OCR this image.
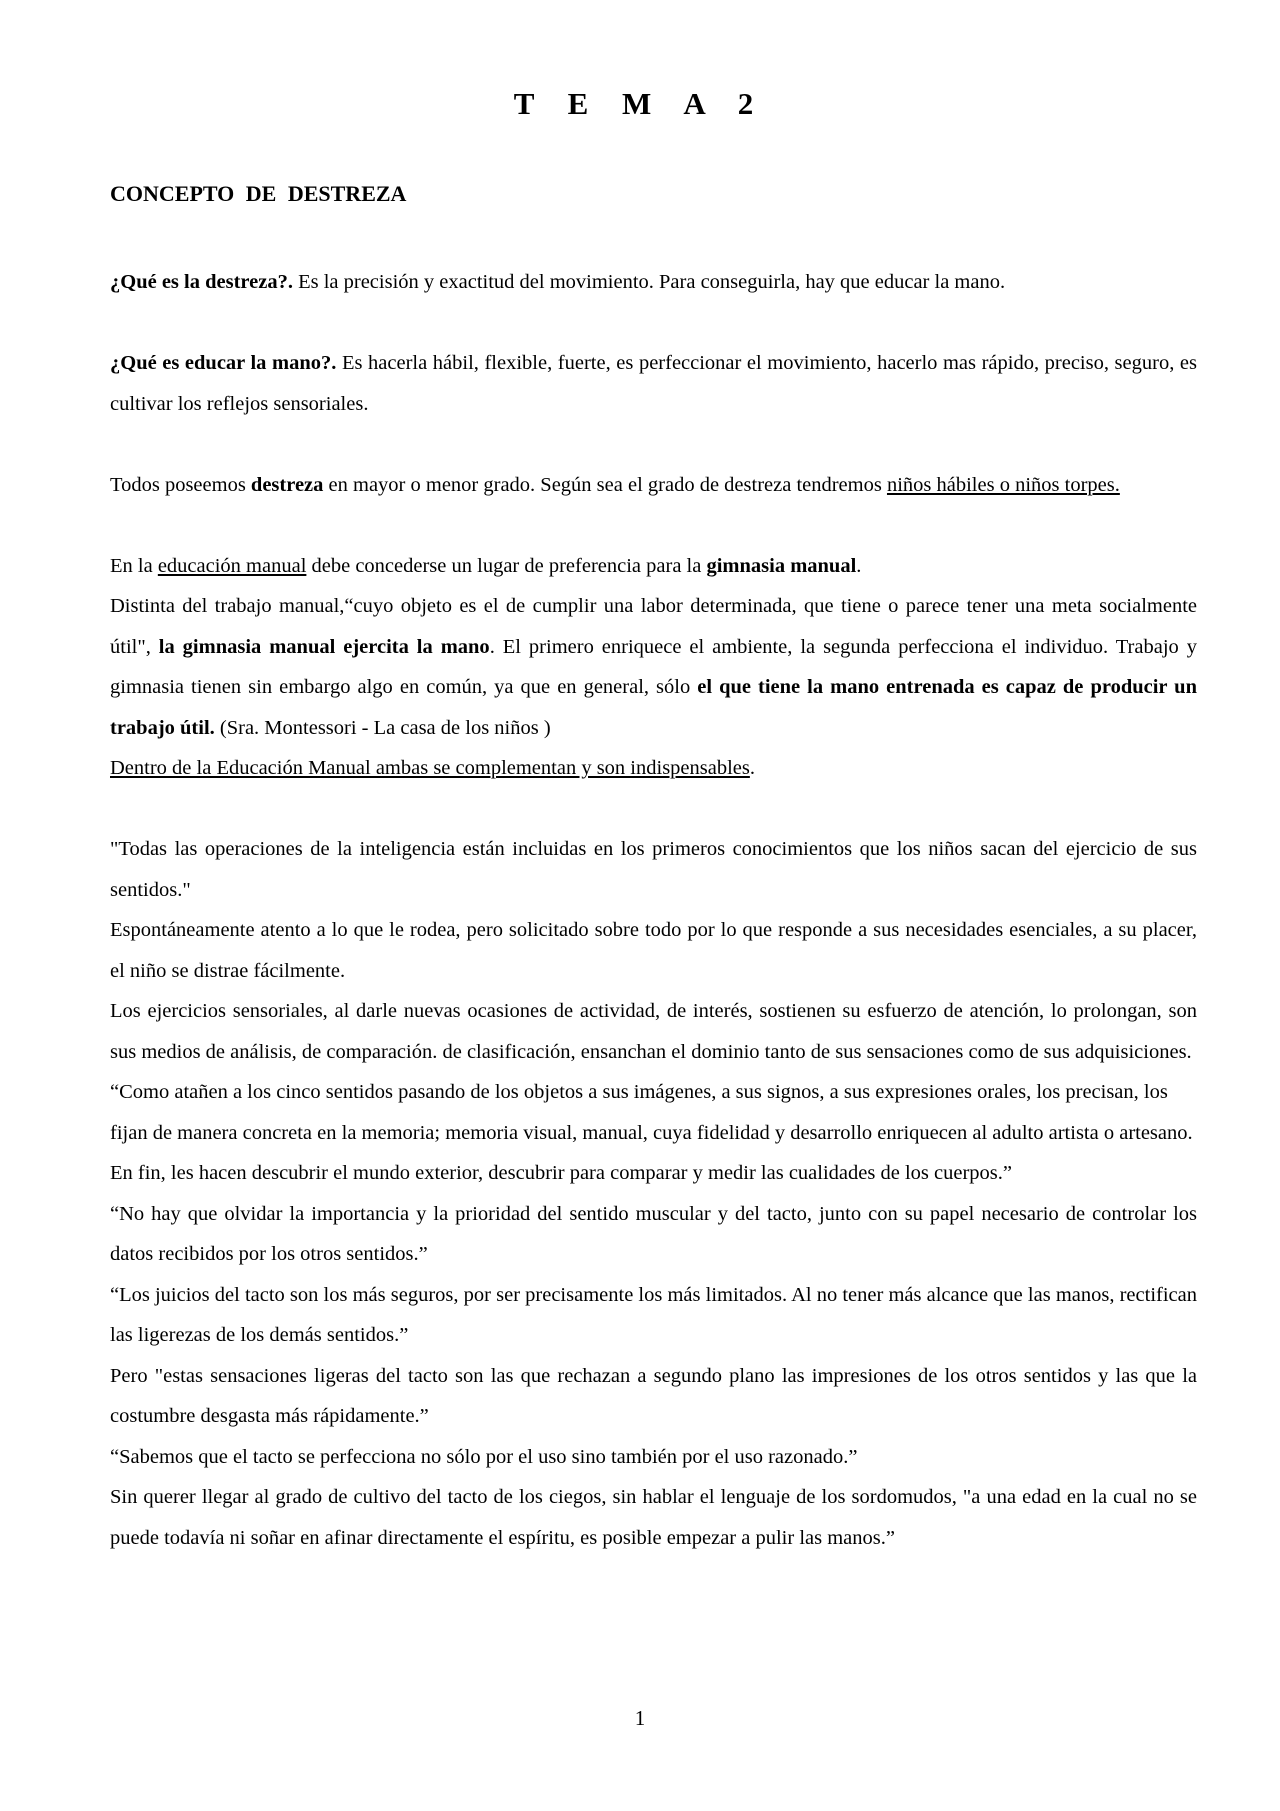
T E M A 2
CONCEPTO DE DESTREZA

¿Qué es la destreza?. Es la precisión y exactitud del movimiento. Para conseguirla, hay que educar la mano.

¿Qué es educar la mano?. Es hacerla hábil, flexible, fuerte, es perfeccionar el movimiento, hacerlo mas rápido, preciso, seguro, es cultivar los reflejos sensoriales.

Todos poseemos destreza en mayor o menor grado. Según sea el grado de destreza tendremos niños hábiles o niños torpes.

En la educación manual debe concederse un lugar de preferencia para la gimnasia manual.

Distinta del trabajo manual,“cuyo objeto es el de cumplir una labor determinada, que tiene o parece tener una meta socialmente útil", la gimnasia manual ejercita la mano. El primero enriquece el ambiente, la segunda perfecciona el individuo. Trabajo y gimnasia tienen sin embargo algo en común, ya que en general, sólo el que tiene la mano entrenada es capaz de producir un trabajo útil. (Sra. Montessori - La casa de los niños )

Dentro de la Educación Manual ambas se complementan y son indispensables.

"Todas las operaciones de la inteligencia están incluidas en los primeros conocimientos que los niños sacan del ejercicio de sus sentidos."

Espontáneamente atento a lo que le rodea, pero solicitado sobre todo por lo que responde a sus necesidades esenciales, a su placer, el niño se distrae fácilmente.

Los ejercicios sensoriales, al darle nuevas ocasiones de actividad, de interés, sostienen su esfuerzo de atención, lo prolongan, son sus medios de análisis, de comparación. de clasificación, ensanchan el dominio tanto de sus sensaciones como de sus adquisiciones.

“Como atañen a los cinco sentidos pasando de los objetos a sus imágenes, a sus signos, a sus expresiones orales, los precisan, los fijan de manera concreta en la memoria; memoria visual, manual, cuya fidelidad y desarrollo enriquecen al adulto artista o artesano. En fin, les hacen descubrir el mundo exterior, descubrir para comparar y medir las cualidades de los cuerpos.”

“No hay que olvidar la importancia y la prioridad del sentido muscular y del tacto, junto con su papel necesario de controlar los datos recibidos por los otros sentidos.”

“Los juicios del tacto son los más seguros, por ser precisamente los más limitados. Al no tener más alcance que las manos, rectifican las ligerezas de los demás sentidos.”

Pero "estas sensaciones ligeras del tacto son las que rechazan a segundo plano las impresiones de los otros sentidos y las que la costumbre desgasta más rápidamente.”

“Sabemos que el tacto se perfecciona no sólo por el uso sino también por el uso razonado.”

Sin querer llegar al grado de cultivo del tacto de los ciegos, sin hablar el lenguaje de los sordomudos, "a una edad en la cual no se puede todavía ni soñar en afinar directamente el espíritu, es posible empezar a pulir las manos.”

1
